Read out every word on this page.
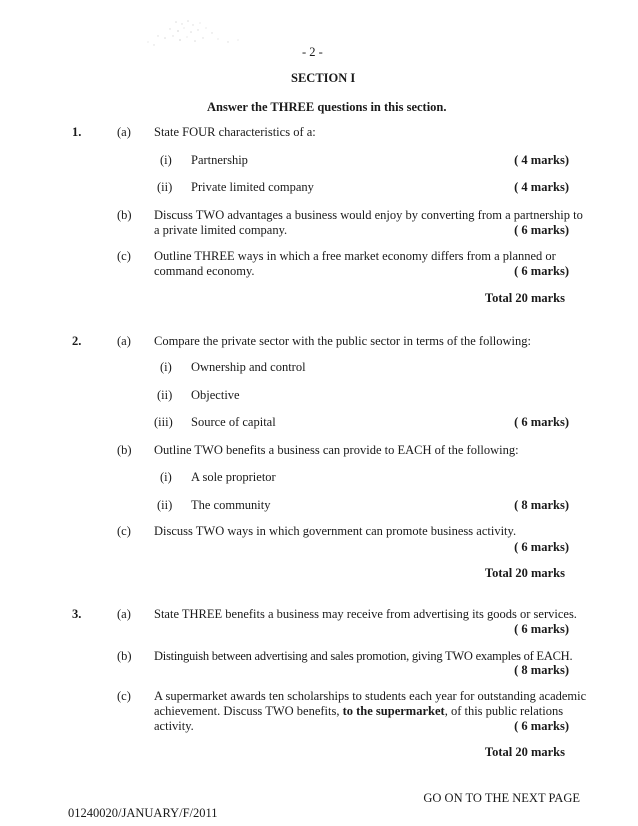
- 2 -
SECTION I
Answer the THREE questions in this section.
1.	(a) State FOUR characteristics of a:
(i) Partnership	( 4 marks)
(ii) Private limited company	( 4 marks)
(b) Discuss TWO advantages a business would enjoy by converting from a partnership to
a private limited company.	( 6 marks)
(c) Outline THREE ways in which a free market economy differs from a planned or
command economy.	( 6 marks)
Total 20 marks
2.	(a) Compare the private sector with the public sector in terms of the following:
(i) Ownership and control
(ii) Objective
(iii) Source of capital	( 6 marks)
(b) Outline TWO benefits a business can provide to EACH of the following:
(i) A sole proprietor
(ii) The community	( 8 marks)
(c) Discuss TWO ways in which government can promote business activity.
( 6 marks)
Total 20 marks
3.	(a) State THREE benefits a business may receive from advertising its goods or services.
( 6 marks)
(b) Distinguish between advertising and sales promotion, giving TWO examples of EACH.
( 8 marks)
(c) A supermarket awards ten scholarships to students each year for outstanding academic
achievement. Discuss TWO benefits, to the supermarket, of this public relations
activity.	( 6 marks)
Total 20 marks
GO ON TO THE NEXT PAGE
01240020/JANUARY/F/2011
